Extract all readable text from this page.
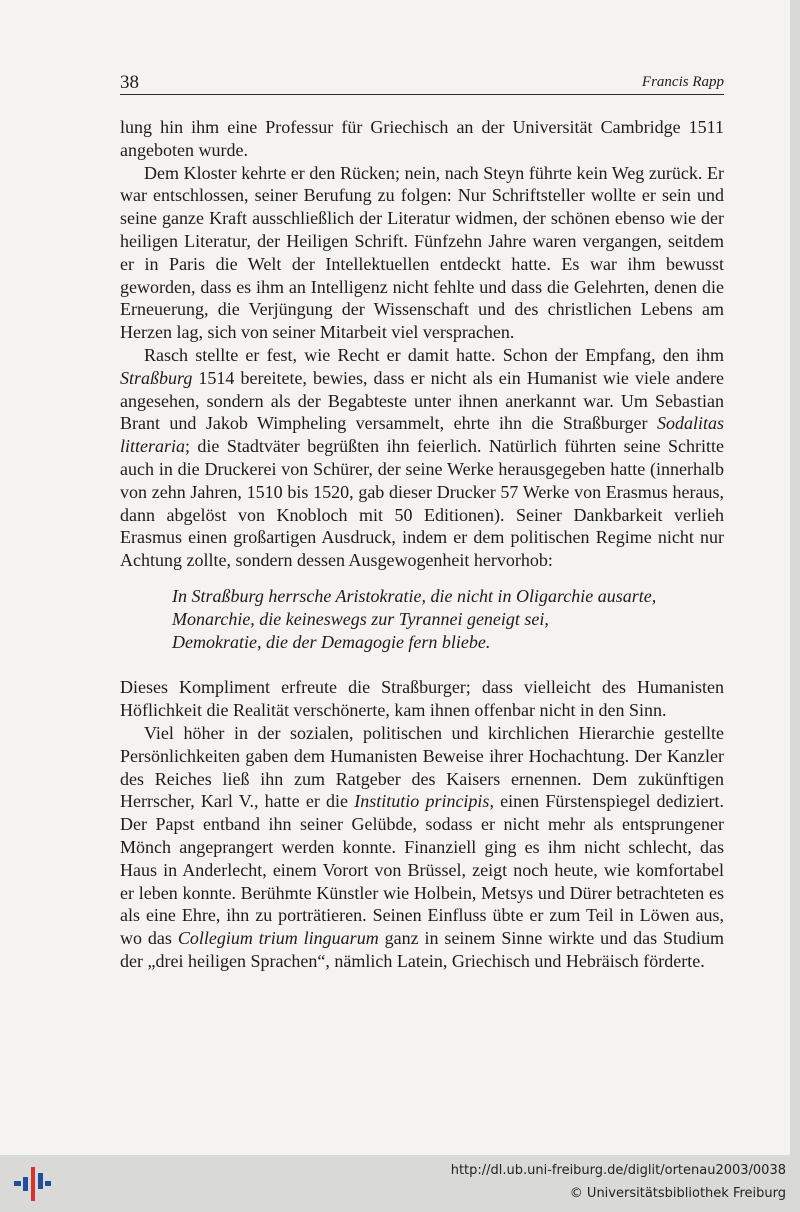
38	Francis Rapp

lung hin ihm eine Professur für Griechisch an der Universität Cambridge 1511 angeboten wurde.

Dem Kloster kehrte er den Rücken; nein, nach Steyn führte kein Weg zurück. Er war entschlossen, seiner Berufung zu folgen: Nur Schriftsteller wollte er sein und seine ganze Kraft ausschließlich der Literatur widmen, der schönen ebenso wie der heiligen Literatur, der Heiligen Schrift. Fünfzehn Jahre waren vergangen, seitdem er in Paris die Welt der Intellektuellen entdeckt hatte. Es war ihm bewusst geworden, dass es ihm an Intelligenz nicht fehlte und dass die Gelehrten, denen die Erneuerung, die Verjüngung der Wissenschaft und des christlichen Lebens am Herzen lag, sich von seiner Mitarbeit viel versprachen.

Rasch stellte er fest, wie Recht er damit hatte. Schon der Empfang, den ihm Straßburg 1514 bereitete, bewies, dass er nicht als ein Humanist wie viele andere angesehen, sondern als der Begabteste unter ihnen anerkannt war. Um Sebastian Brant und Jakob Wimpheling versammelt, ehrte ihn die Straßburger Sodalitas litteraria; die Stadtväter begrüßten ihn feierlich. Natürlich führten seine Schritte auch in die Druckerei von Schürer, der seine Werke herausgegeben hatte (innerhalb von zehn Jahren, 1510 bis 1520, gab dieser Drucker 57 Werke von Erasmus heraus, dann abgelöst von Knobloch mit 50 Editionen). Seiner Dankbarkeit verlieh Erasmus einen großartigen Ausdruck, indem er dem politischen Regime nicht nur Achtung zollte, sondern dessen Ausgewogenheit hervorhob:

In Straßburg herrsche Aristokratie, die nicht in Oligarchie ausarte,
Monarchie, die keineswegs zur Tyrannei geneigt sei,
Demokratie, die der Demagogie fern bliebe.

Dieses Kompliment erfreute die Straßburger; dass vielleicht des Humanisten Höflichkeit die Realität verschönerte, kam ihnen offenbar nicht in den Sinn.

Viel höher in der sozialen, politischen und kirchlichen Hierarchie gestellte Persönlichkeiten gaben dem Humanisten Beweise ihrer Hochachtung. Der Kanzler des Reiches ließ ihn zum Ratgeber des Kaisers ernennen. Dem zukünftigen Herrscher, Karl V., hatte er die Institutio principis, einen Fürstenspiegel dediziert. Der Papst entband ihn seiner Gelübde, sodass er nicht mehr als entsprungener Mönch angeprangert werden konnte. Finanziell ging es ihm nicht schlecht, das Haus in Anderlecht, einem Vorort von Brüssel, zeigt noch heute, wie komfortabel er leben konnte. Berühmte Künstler wie Holbein, Metsys und Dürer betrachteten es als eine Ehre, ihn zu porträtieren. Seinen Einfluss übte er zum Teil in Löwen aus, wo das Collegium trium linguarum ganz in seinem Sinne wirkte und das Studium der „drei heiligen Sprachen“, nämlich Latein, Griechisch und Hebräisch förderte.

http://dl.ub.uni-freiburg.de/diglit/ortenau2003/0038
© Universitätsbibliothek Freiburg
